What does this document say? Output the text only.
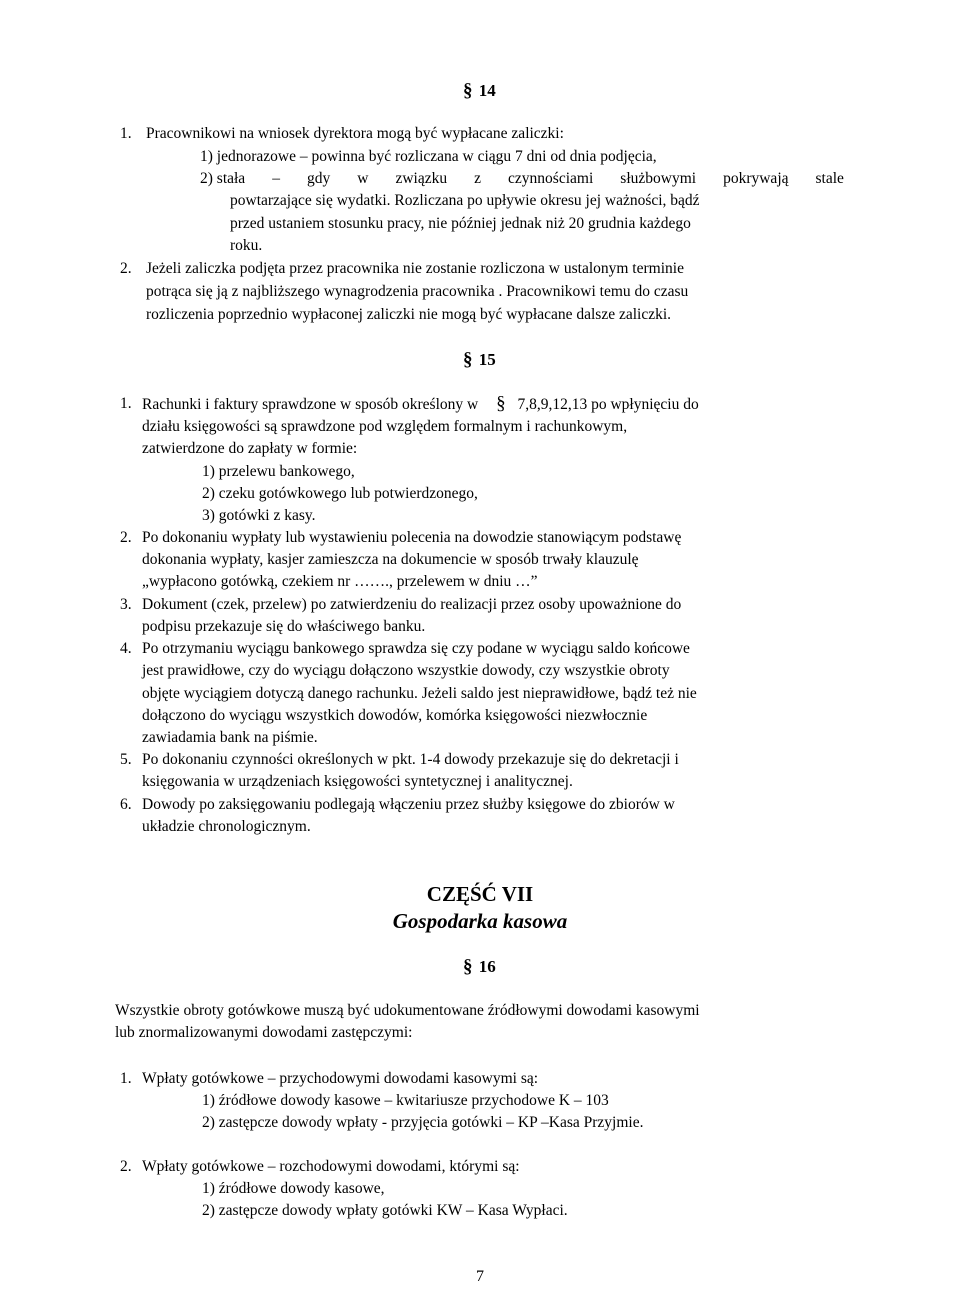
§ 14
1. Pracownikowi na wniosek dyrektora mogą być wypłacane zaliczki:
1) jednorazowe – powinna być rozliczana w ciągu 7 dni od dnia podjęcia,
2) stała – gdy w związku z czynnościami służbowymi pokrywają stale
powtarzające się wydatki. Rozliczana po upływie okresu jej ważności, bądź
przed ustaniem stosunku pracy, nie później jednak niż 20 grudnia każdego
roku.
2. Jeżeli zaliczka podjęta przez pracownika nie zostanie rozliczona w ustalonym terminie
potrąca się ją z najbliższego wynagrodzenia pracownika . Pracownikowi temu do czasu
rozliczenia poprzednio wypłaconej zaliczki nie mogą być wypłacane dalsze zaliczki.
§ 15
1. Rachunki i faktury sprawdzone w sposób określony w § 7,8,9,12,13 po wpłynięciu do
działu księgowości są sprawdzone pod względem formalnym i rachunkowym,
zatwierdzone do zapłaty w formie:
1) przelewu bankowego,
2) czeku gotówkowego lub potwierdzonego,
3) gotówki z kasy.
2. Po dokonaniu wypłaty lub wystawieniu polecenia na dowodzie stanowiącym podstawę
dokonania wypłaty, kasjer zamieszcza na dokumencie w sposób trwały klauzulę
„wypłacono gotówką, czekiem nr ……., przelewem w dniu …”
3. Dokument (czek, przelew) po zatwierdzeniu do realizacji przez osoby upoważnione do
podpisu przekazuje się do właściwego banku.
4. Po otrzymaniu wyciągu bankowego sprawdza się czy podane w wyciągu saldo końcowe
jest prawidłowe, czy do wyciągu dołączono wszystkie dowody, czy wszystkie obroty
objęte wyciągiem dotyczą danego rachunku. Jeżeli saldo jest nieprawidłowe, bądź też nie
dołączono do wyciągu wszystkich dowodów, komórka księgowości niezwłocznie
zawiadamia bank na piśmie.
5. Po dokonaniu czynności określonych w pkt. 1-4 dowody przekazuje się do dekretacji i
księgowania w urządzeniach księgowości syntetycznej i analitycznej.
6. Dowody po zaksięgowaniu podlegają włączeniu przez służby księgowe do zbiorów w
układzie chronologicznym.
CZĘŚĆ VII
Gospodarka kasowa
§ 16
Wszystkie obroty gotówkowe muszą być udokumentowane źródłowymi dowodami kasowymi
lub znormalizowanymi dowodami zastępczymi:
1. Wpłaty gotówkowe – przychodowymi dowodami kasowymi są:
1) źródłowe dowody kasowe – kwitariusze przychodowe K – 103
2) zastępcze dowody wpłaty - przyjęcia gotówki – KP –Kasa Przyjmie.
2. Wpłaty gotówkowe – rozchodowymi dowodami, którymi są:
1) źródłowe dowody kasowe,
2) zastępcze dowody wpłaty gotówki KW – Kasa Wypłaci.
7
